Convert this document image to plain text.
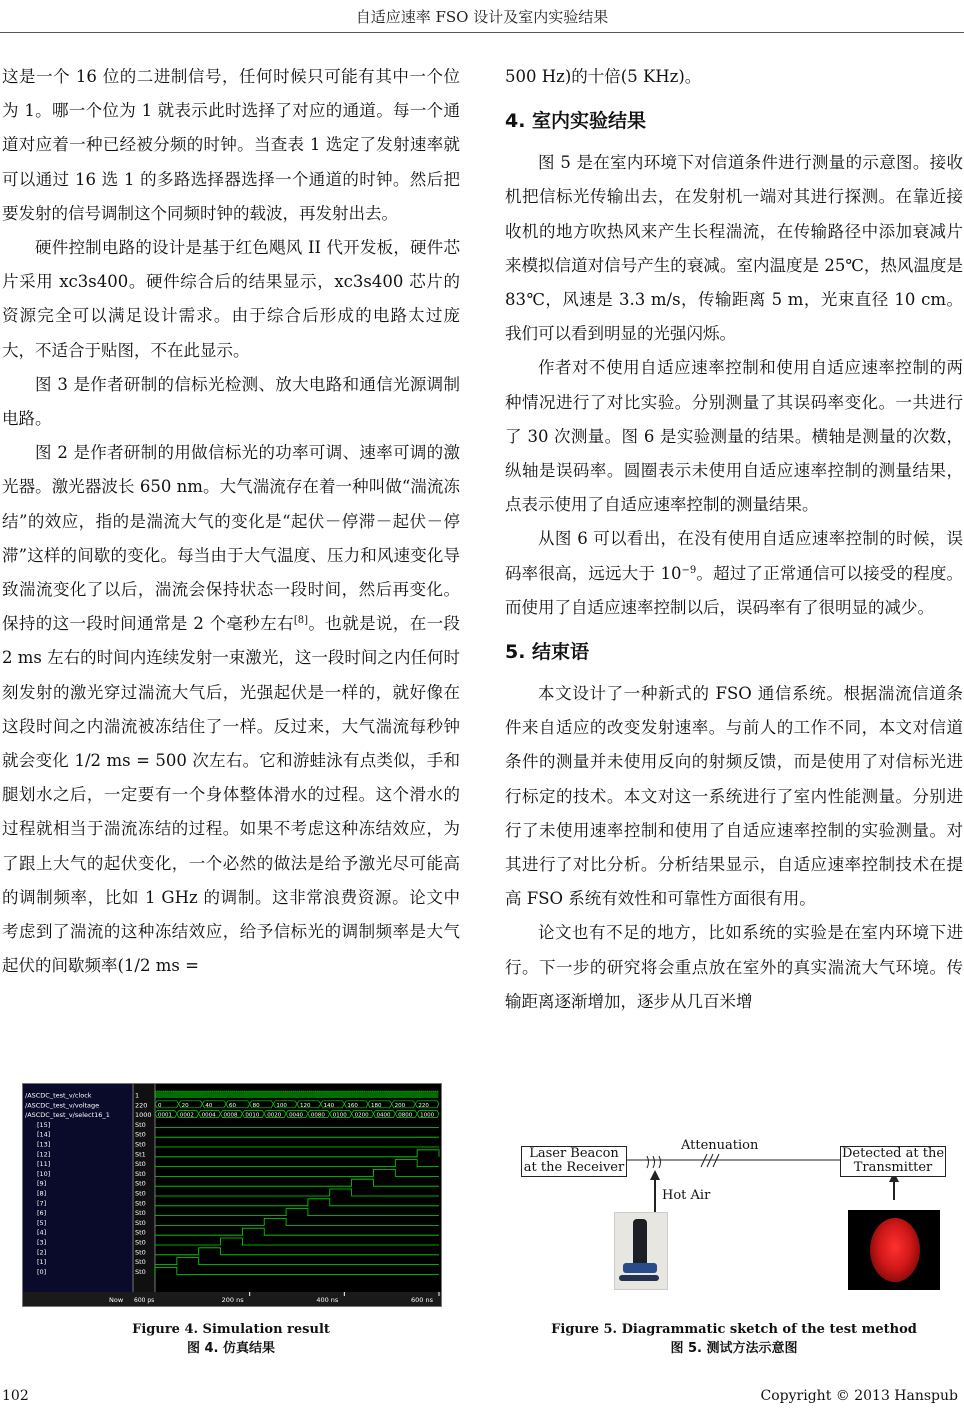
自适应速率 FSO 设计及室内实验结果

这是一个 16 位的二进制信号，任何时候只可能有其中一个位为 1。哪一个位为 1 就表示此时选择了对应的通道。每一个通道对应着一种已经被分频的时钟。当查表 1 选定了发射速率就可以通过 16 选 1 的多路选择器选择一个通道的时钟。然后把要发射的信号调制这个同频时钟的载波，再发射出去。

硬件控制电路的设计是基于红色飓风 II 代开发板，硬件芯片采用 xc3s400。硬件综合后的结果显示，xc3s400 芯片的资源完全可以满足设计需求。由于综合后形成的电路太过庞大，不适合于贴图，不在此显示。

图 3 是作者研制的信标光检测、放大电路和通信光源调制电路。

图 2 是作者研制的用做信标光的功率可调、速率可调的激光器。激光器波长 650 nm。大气湍流存在着一种叫做“湍流冻结”的效应，指的是湍流大气的变化是“起伏－停滞－起伏－停滞”这样的间歇的变化。每当由于大气温度、压力和风速变化导致湍流变化了以后，湍流会保持状态一段时间，然后再变化。保持的这一段时间通常是 2 个毫秒左右[8]。也就是说，在一段 2 ms 左右的时间内连续发射一束激光，这一段时间之内任何时刻发射的激光穿过湍流大气后，光强起伏是一样的，就好像在这段时间之内湍流被冻结住了一样。反过来，大气湍流每秒钟就会变化 1/2 ms = 500 次左右。它和游蛙泳有点类似，手和腿划水之后，一定要有一个身体整体滑水的过程。这个滑水的过程就相当于湍流冻结的过程。如果不考虑这种冻结效应，为了跟上大气的起伏变化，一个必然的做法是给予激光尽可能高的调制频率，比如 1 GHz 的调制。这非常浪费资源。论文中考虑到了湍流的这种冻结效应，给予信标光的调制频率是大气起伏的间歇频率(1/2 ms =

500 Hz)的十倍(5 KHz)。

4. 室内实验结果

图 5 是在室内环境下对信道条件进行测量的示意图。接收机把信标光传输出去，在发射机一端对其进行探测。在靠近接收机的地方吹热风来产生长程湍流，在传输路径中添加衰减片来模拟信道对信号产生的衰减。室内温度是 25℃，热风温度是 83℃，风速是 3.3 m/s，传输距离 5 m，光束直径 10 cm。我们可以看到明显的光强闪烁。

作者对不使用自适应速率控制和使用自适应速率控制的两种情况进行了对比实验。分别测量了其误码率变化。一共进行了 30 次测量。图 6 是实验测量的结果。横轴是测量的次数，纵轴是误码率。圆圈表示未使用自适应速率控制的测量结果，点表示使用了自适应速率控制的测量结果。

从图 6 可以看出，在没有使用自适应速率控制的时候，误码率很高，远远大于 $10^{-9}$。超过了正常通信可以接受的程度。而使用了自适应速率控制以后，误码率有了很明显的减少。

5. 结束语

本文设计了一种新式的 FSO 通信系统。根据湍流信道条件来自适应的改变发射速率。与前人的工作不同，本文对信道条件的测量并未使用反向的射频反馈，而是使用了对信标光进行标定的技术。本文对这一系统进行了室内性能测量。分别进行了未使用速率控制和使用了自适应速率控制的实验测量。对其进行了对比分析。分析结果显示，自适应速率控制技术在提高 FSO 系统有效性和可靠性方面很有用。

论文也有不足的地方，比如系统的实验是在室内环境下进行。下一步的研究将会重点放在室外的真实湍流大气环境。传输距离逐渐增加，逐步从几百米增

/ASCDC_test_v/clock	1
/ASCDC_test_v/voltage	220
/ASCDC_test_v/select16_1	1000
[15]	St0
[14]	St0
[13]	St0
[12]	St1
[11]	St0
[10]	St0
[9]	St0
[8]	St0
[7]	St0
[6]	St0
[5]	St0
[4]	St0
[3]	St0
[2]	St0
[1]	St0
[0]	St0
0	20	40	60	80	100 120 140 160 180 200 220
0001 0002 0004 0008 0010 0020 0040 0080 0100 0200 0400 0800 1000
Now 600 ps	200 ns	400 ns	600 ns
Figure 4. Simulation result
图 4. 仿真结果
Laser Beacon
at the Receiver
Attenuation
Detected at the
Transmitter
Hot Air
Figure 5. Diagrammatic sketch of the test method
图 5. 测试方法示意图
102	Copyright © 2013 Hanspub
